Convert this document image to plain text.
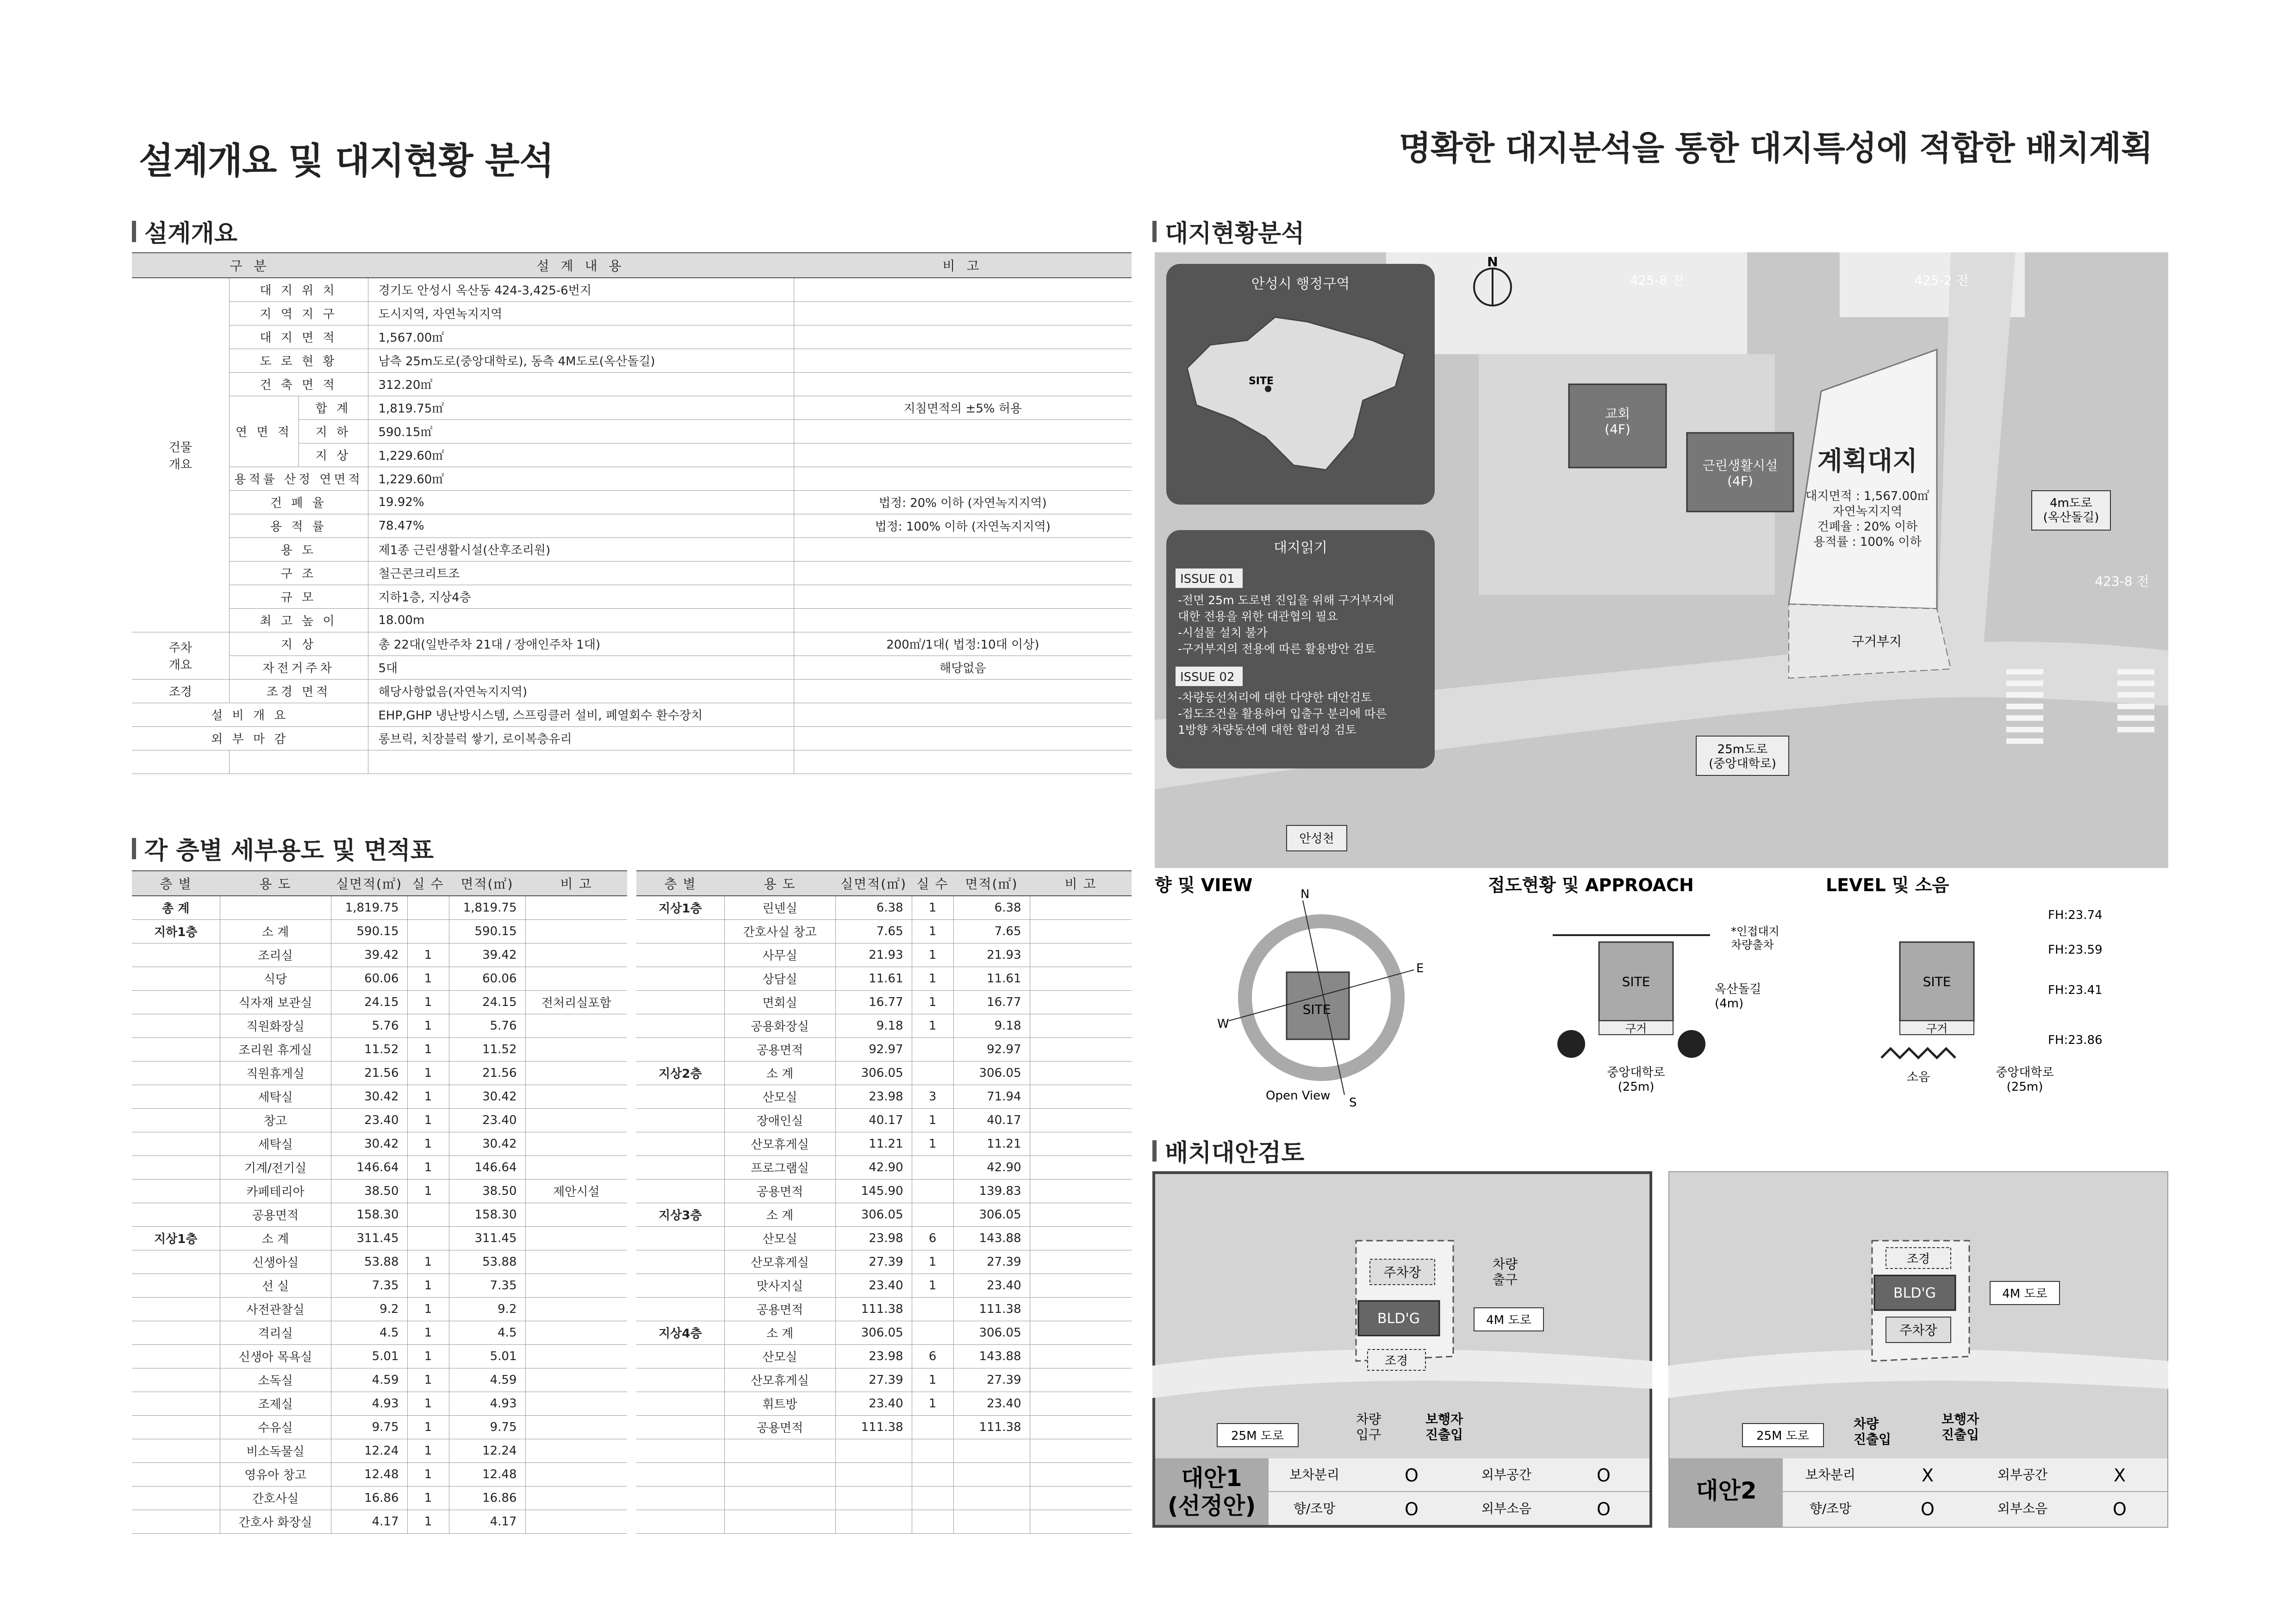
설계개요 및 대지현황 분석	명확한 대지분석을 통한 대지특성에 적합한 배치계획
설계개요
구 분			설 계 내 용	비 고
건물
개요	대 지 위 치		경기도 안성시 옥산동 424-3,425-6번지	
	지 역 지 구		도시지역, 자연녹지지역	
	대 지 면 적		1,567.00㎡	
	도 로 현 황		남측 25m도로(중앙대학로), 동측 4M도로(옥산돌길)	
	건 축 면 적		312.20㎡	
	연 면 적	합 계	1,819.75㎡	지침면적의 ±5% 허용
		지 하	590.15㎡	
		지 상	1,229.60㎡	
	용적률 산정 연면적		1,229.60㎡	
	건 폐 율		19.92%	법정: 20% 이하 (자연녹지지역)
	용 적 률		78.47%	법정: 100% 이하 (자연녹지지역)
	용 도		제1종 근린생활시설(산후조리원)	
	구 조		철근콘크리트조	
	규 모		지하1층, 지상4층	
	최 고 높 이		18.00m	
주차
개요	지 상		총 22대(일반주차 21대 / 장애인주차 1대)	200㎡/1대( 법정:10대 이상)
	자전거주차		5대	해당없음
조경	조경 면적		해당사항없음(자연녹지지역)	
설 비 개 요			EHP,GHP 냉난방시스템, 스프링클러 설비, 폐열회수 환수장치	
외 부 마 감			롱브릭, 치장블럭 쌓기, 로이복층유리	

각 층별 세부용도 및 면적표
층 별	용 도	실면적(㎡)	실 수	면적(㎡)	비 고
총 계		1,819.75		1,819.75	
지하1층	소 계	590.15		590.15	
	조리실	39.42	1	39.42	
	식당	60.06	1	60.06	
	식자재 보관실	24.15	1	24.15	전처리실포함
	직원화장실	5.76	1	5.76	
	조리원 휴게실	11.52	1	11.52	
	직원휴게실	21.56	1	21.56	
	세탁실	30.42	1	30.42	
	창고	23.40	1	23.40	
	세탁실	30.42	1	30.42	
	기계/전기실	146.64	1	146.64	
	카페테리아	38.50	1	38.50	제안시설
	공용면적	158.30		158.30	
지상1층	소 계	311.45		311.45	
	신생아실	53.88	1	53.88	
	선 실	7.35	1	7.35	
	사전관찰실	9.2	1	9.2	
	격리실	4.5	1	4.5	
	신생아 목욕실	5.01	1	5.01	
	소독실	4.59	1	4.59	
	조제실	4.93	1	4.93	
	수유실	9.75	1	9.75	
	비소독물실	12.24	1	12.24	
	영유아 창고	12.48	1	12.48	
	간호사실	16.86	1	16.86	
	간호사 화장실	4.17	1	4.17	
층 별	용 도	실면적(㎡)	실 수	면적(㎡)	비 고
지상1층	린넨실	6.38	1	6.38	
	간호사실 창고	7.65	1	7.65	
	사무실	21.93	1	21.93	
	상담실	11.61	1	11.61	
	면회실	16.77	1	16.77	
	공용화장실	9.18	1	9.18	
	공용면적	92.97		92.97	
지상2층	소 계	306.05		306.05	
	산모실	23.98	3	71.94	
	장애인실	40.17	1	40.17	
	산모휴게실	11.21	1	11.21	
	프로그램실	42.90		42.90	
	공용면적	145.90		139.83	
지상3층	소 계	306.05		306.05	
	산모실	23.98	6	143.88	
	산모휴게실	27.39	1	27.39	
	맛사지실	23.40	1	23.40	
	공용면적	111.38		111.38	
지상4층	소 계	306.05		306.05	
	산모실	23.98	6	143.88	
	산모휴게실	27.39	1	27.39	
	휘트방	23.40	1	23.40	
	공용면적	111.38		111.38	

대지현황분석
교회 (4F)
근린생활시설 (4F)
425-8 전	425-2 전
423-8 전
계획대지
대지면적 : 1,567.00㎡
자연녹지지역
건폐율 : 20% 이하
용적률 : 100% 이하
4m도로 (옥산돌길)
구거부지
25m도로 (중앙대학로)
안성천
N
안성시 행정구역
SITE
대지읽기
ISSUE 01
-전면 25m 도로변 진입을 위해 구거부지에
대한 전용을 위한 대관협의 필요
-시설물 설치 불가
-구거부지의 전용에 따른 활용방안 검토
ISSUE 02
-차량동선처리에 대한 다양한 대안검토
-접도조건을 활용하여 입출구 분리에 따른
1방향 차량동선에 대한 합리성 검토
향 및 VIEW	접도현황 및 APPROACH	LEVEL 및 소음
SITE
N
S
E
W
Open View
SITE
구거
*인접대지 차량출차
옥산돌길 (4m)
중앙대학로 (25m)
SITE
구거
FH:23.74
FH:23.59
FH:23.41
FH:23.86
소음	중앙대학로 (25m)
배치대안검토
주차장
차량 출구
BLD'G	4M 도로
조경
차량 입구
보행자 진출입
25M 도로
대안1 (선정안)
보차분리	O	외부공간	O
향/조망	O	외부소음	O
조경
BLD'G	4M 도로
주차장
차량 진출입
보행자 진출입
25M 도로
대안2
보차분리	X	외부공간	X
향/조망	O	외부소음	O
